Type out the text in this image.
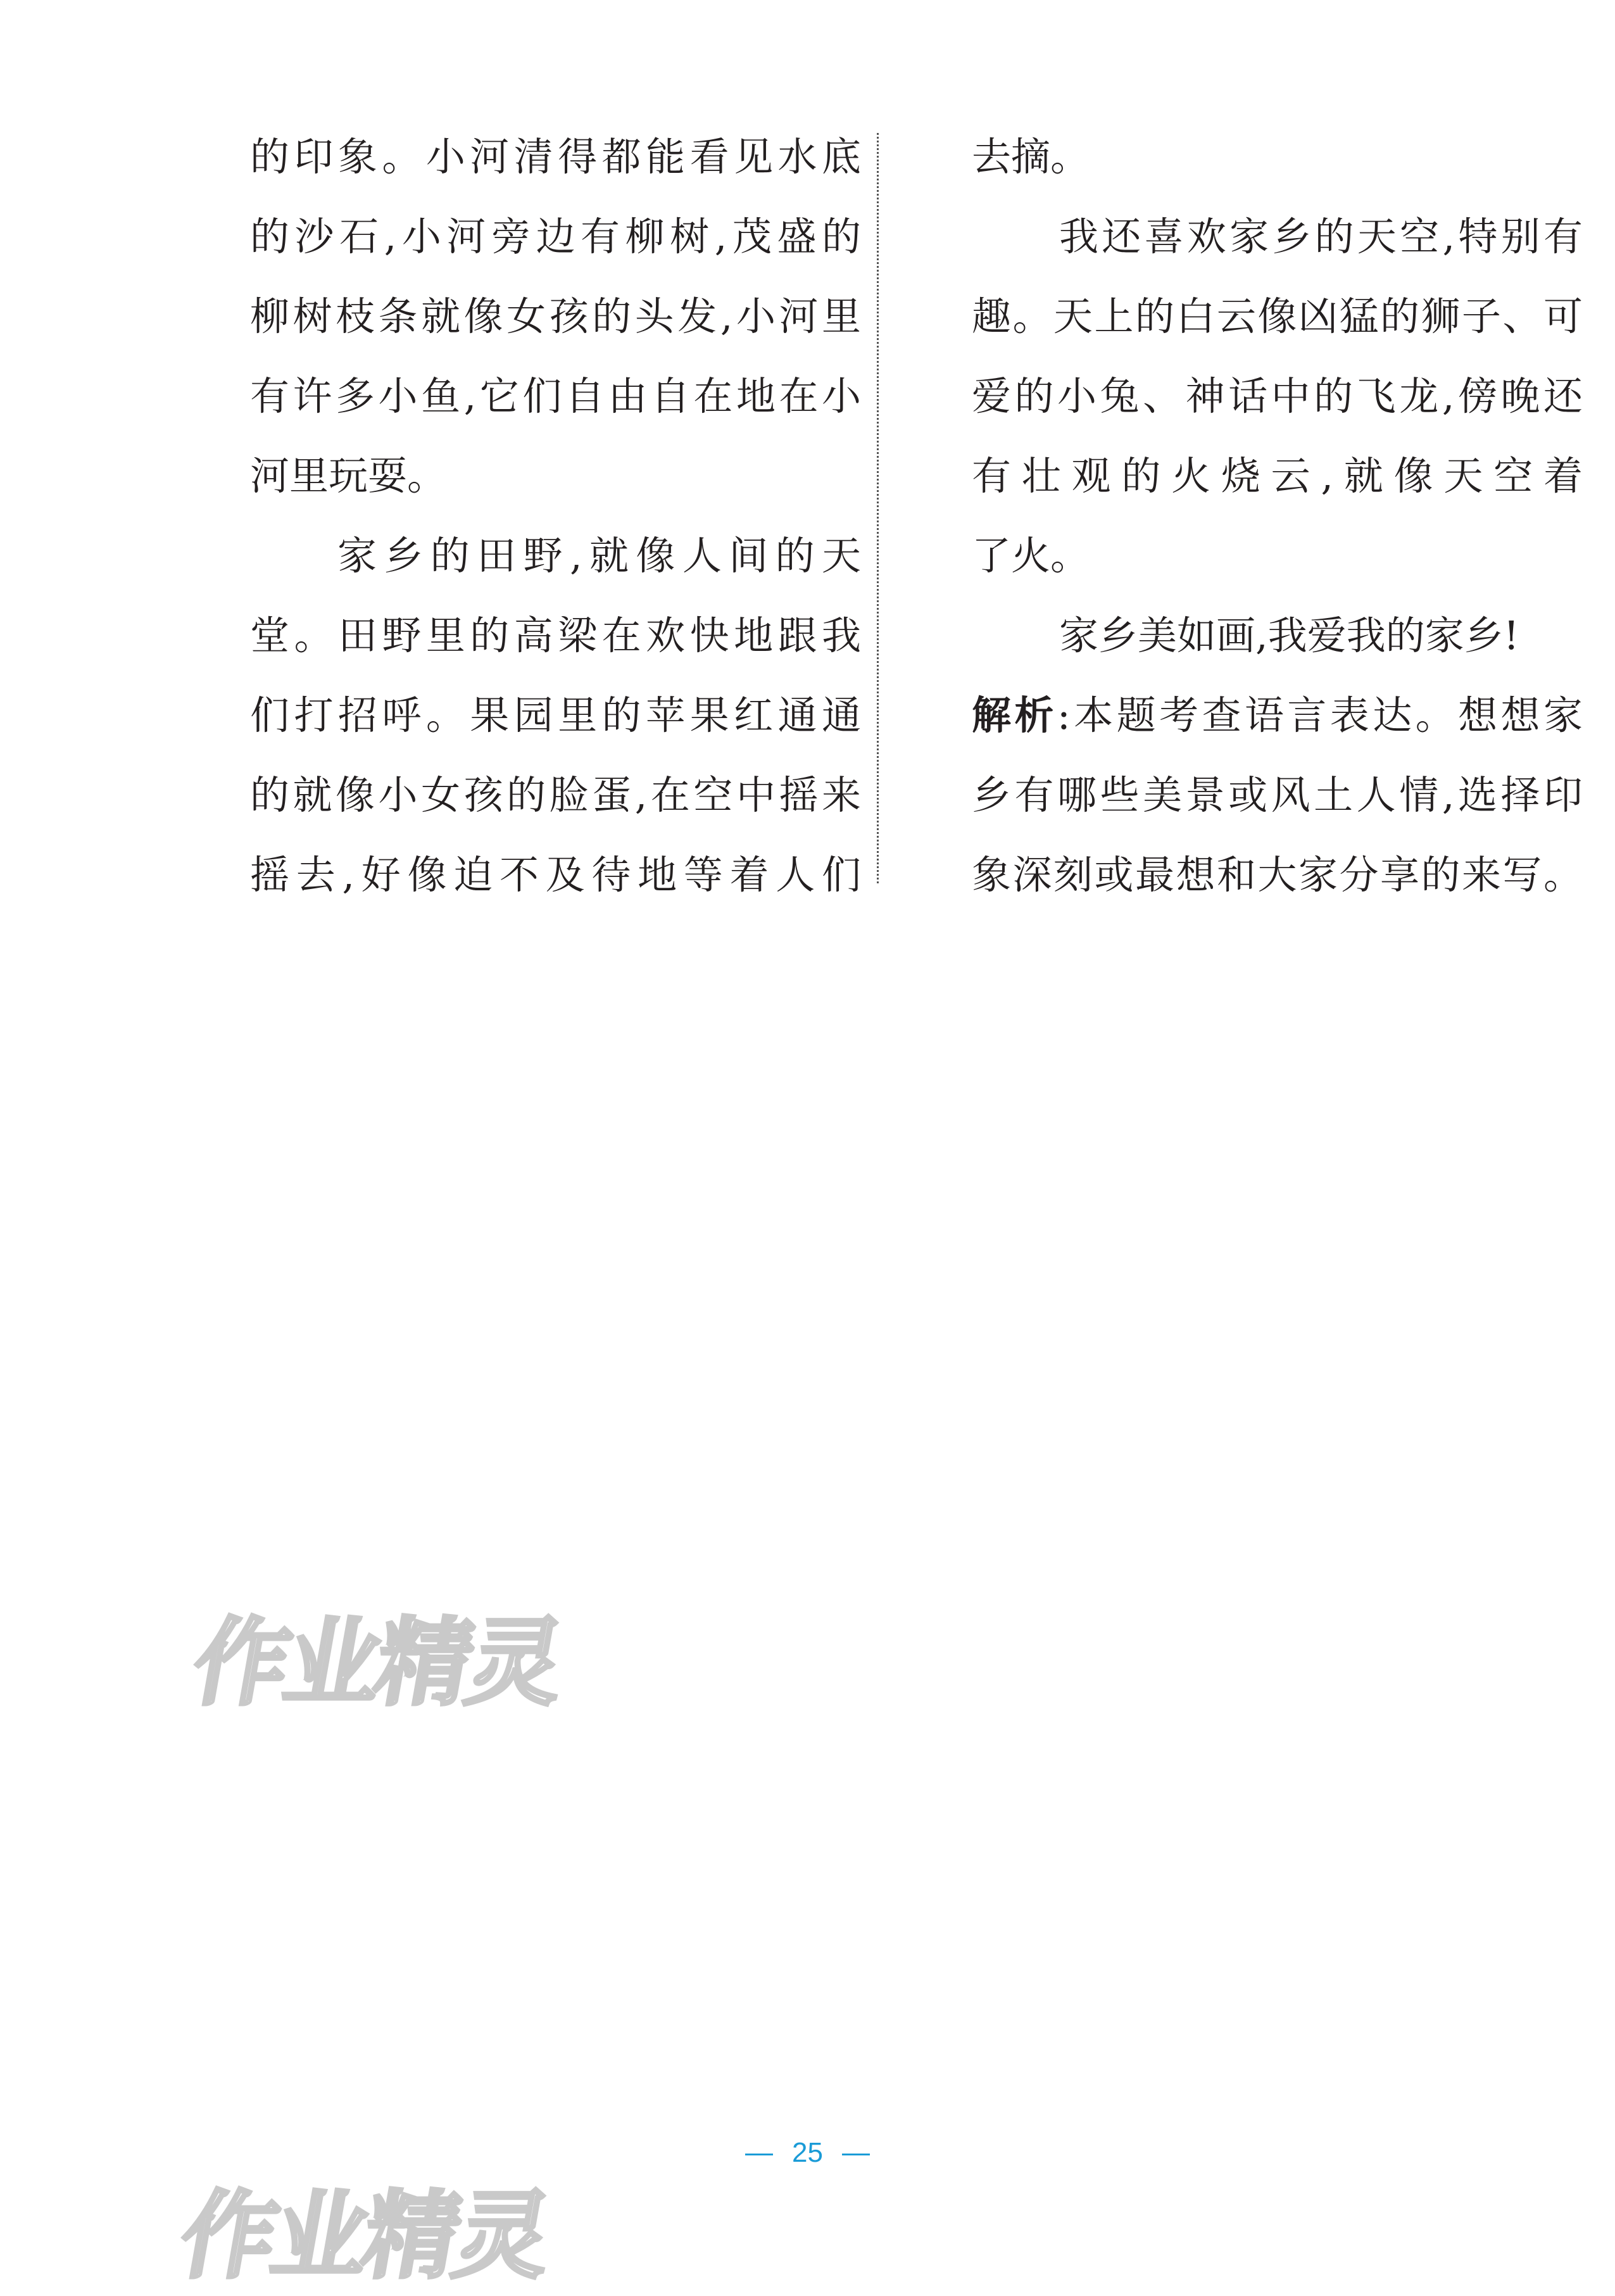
的印象。小河清得都能看见水底
的沙石,小河旁边有柳树,茂盛的
柳树枝条就像女孩的头发,小河里
有许多小鱼,它们自由自在地在小
河里玩耍。
家乡的田野,就像人间的天
堂。田野里的高梁在欢快地跟我
们打招呼。果园里的苹果红通通
的就像小女孩的脸蛋,在空中摇来
摇去,好像迫不及待地等着人们
去摘。
我还喜欢家乡的天空,特别有
趣。天上的白云像凶猛的狮子、可
爱的小兔、神话中的飞龙,傍晚还
有壮观的火烧云,就像天空着
了火。
家乡美如画,我爱我的家乡!
解析:本题考查语言表达。想想家
乡有哪些美景或风土人情,选择印
象深刻或最想和大家分享的来写。
作业精灵
25
作业精灵
